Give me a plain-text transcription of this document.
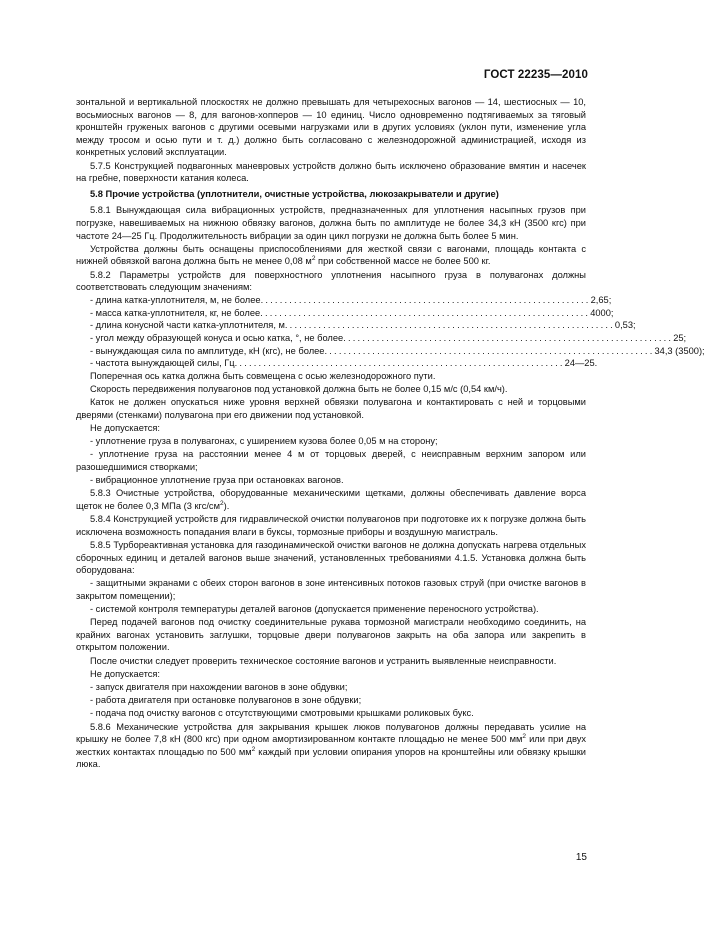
ГОСТ 22235—2010

зонтальной и вертикальной плоскостях не должно превышать для четырехосных вагонов — 14, шестиосных — 10, восьмиосных вагонов — 8, для вагонов-хопперов — 10 единиц. Число одновременно подтягиваемых за тяговый кронштейн груженых вагонов с другими осевыми нагрузками или в других условиях (уклон пути, изменение угла между тросом и осью пути и т. д.) должно быть согласовано с железнодорожной администрацией, исходя из конкретных условий эксплуатации.

5.7.5 Конструкцией подвагонных маневровых устройств должно быть исключено образование вмятин и насечек на гребне, поверхности катания колеса.

5.8 Прочие устройства (уплотнители, очистные устройства, люкозакрыватели и другие)

5.8.1 Вынуждающая сила вибрационных устройств, предназначенных для уплотнения насыпных грузов при погрузке, навешиваемых на нижнюю обвязку вагонов, должна быть по амплитуде не более 34,3 кН (3500 кгс) при частоте 24—25 Гц. Продолжительность вибрации за один цикл погрузки не должна быть более 5 мин.

Устройства должны быть оснащены приспособлениями для жесткой связи с вагонами, площадь контакта с нижней обвязкой вагона должна быть не менее 0,08 $м^2$ при собственной массе не более 500 кг.

5.8.2 Параметры устройств для поверхностного уплотнения насыпного груза в полувагонах должны соответствовать следующим значениям:

- длина катка-уплотнителя, м, не более ..................................................................... 2,65;
- масса катка-уплотнителя, кг, не более ..................................................................... 4000;
- длина конусной части катка-уплотнителя, м ..................................................................... 0,53;
- угол между образующей конуса и осью катка, °, не более ..................................................................... 25;
- вынуждающая сила по амплитуде, кН (кгс), не более ..................................................................... 34,3 (3500);
- частота вынуждающей силы, Гц ..................................................................... 24—25.

Поперечная ось катка должна быть совмещена с осью железнодорожного пути.

Скорость передвижения полувагонов под установкой должна быть не более 0,15 м/с (0,54 км/ч).

Каток не должен опускаться ниже уровня верхней обвязки полувагона и контактировать с ней и торцовыми дверями (стенками) полувагона при его движении под установкой.

Не допускается:

- уплотнение груза в полувагонах, с уширением кузова более 0,05 м на сторону;

- уплотнение груза на расстоянии менее 4 м от торцовых дверей, с неисправным верхним запором или разошедшимися створками;

- вибрационное уплотнение груза при остановках вагонов.

5.8.3 Очистные устройства, оборудованные механическими щетками, должны обеспечивать давление ворса щеток не более 0,3 МПа (3 кгс/$см^2$).

5.8.4 Конструкцией устройств для гидравлической очистки полувагонов при подготовке их к погрузке должна быть исключена возможность попадания влаги в буксы, тормозные приборы и воздушную магистраль.

5.8.5 Турбореактивная установка для газодинамической очистки вагонов не должна допускать нагрева отдельных сборочных единиц и деталей вагонов выше значений, установленных требованиями 4.1.5. Установка должна быть оборудована:

- защитными экранами с обеих сторон вагонов в зоне интенсивных потоков газовых струй (при очистке вагонов в закрытом помещении);

- системой контроля температуры деталей вагонов (допускается применение переносного устройства).

Перед подачей вагонов под очистку соединительные рукава тормозной магистрали необходимо соединить, на крайних вагонах установить заглушки, торцовые двери полувагонов закрыть на оба запора или закрепить в открытом положении.

После очистки следует проверить техническое состояние вагонов и устранить выявленные неисправности.

Не допускается:

- запуск двигателя при нахождении вагонов в зоне обдувки;

- работа двигателя при остановке полувагонов в зоне обдувки;

- подача под очистку вагонов с отсутствующими смотровыми крышками роликовых букс.

5.8.6 Механические устройства для закрывания крышек люков полувагонов должны передавать усилие на крышку не более 7,8 кН (800 кгс) при одном амортизированном контакте площадью не менее 500 $мм^2$ или при двух жестких контактах площадью по 500 $мм^2$ каждый при условии опирания упоров на кронштейны или обвязку крышки люка.

15
